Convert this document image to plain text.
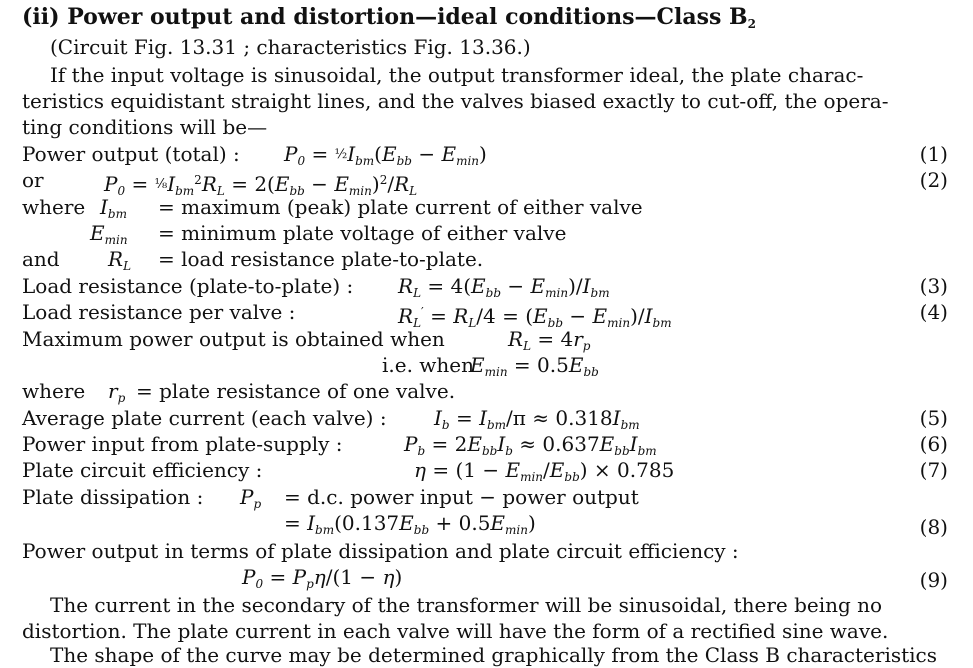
(ii) Power output and distortion—ideal conditions—Class $B_2$
(Circuit Fig. 13.31 ; characteristics Fig. 13.36.)
If the input voltage is sinusoidal, the output transformer ideal, the plate charac-
teristics equidistant straight lines, and the valves biased exactly to cut-off, the opera-
ting conditions will be—
Power output (total) : $P_0$ = $\frac{1}{2}I_{bm}(E_{bb} - E_{min})$	(1)
or	$P_0$ = $\frac{1}{8}I_{bm}^2R_L = 2(E_{bb} - E_{min})^2/R_L$	(2)
where $I_{bm}$ = maximum (peak) plate current of either valve
$E_{min}$ = minimum plate voltage of either valve
and $R_L$ = load resistance plate-to-plate.
Load resistance (plate-to-plate) : $R_L = 4(E_{bb} - E_{min})/I_{bm}$	(3)
Load resistance per valve :	$R_L' = R_L/4 = (E_{bb} - E_{min})/I_{bm}$	(4)
Maximum power output is obtained when	$R_L = 4r_p$
i.e. when
$E_{min} = 0.5E_{bb}$
where $r_p$ = plate resistance of one valve.
Average plate current (each valve) : $I_b = I_{bm}/\pi \approx 0.318I_{bm}$	(5)
Power input from plate-supply :	$P_b = 2E_{bb}I_b \approx 0.637E_{bb}I_{bm}$	(6)
Plate circuit efficiency :	$\eta = (1 - E_{min}/E_{bb}) \times 0.785$	(7)
Plate dissipation : $P_p = d.c$. power input − power output
= $I_{bm}(0.137E_{bb} + 0.5E_{min})$	(8)
Power output in terms of plate dissipation and plate circuit efficiency :
$P_0 = P_p\eta/(1 - \eta)$	(9)
The current in the secondary of the transformer will be sinusoidal, there being no
distortion. The plate current in each valve will have the form of a rectified sine wave.
The shape of the curve may be determined graphically from the Class B characteristics
